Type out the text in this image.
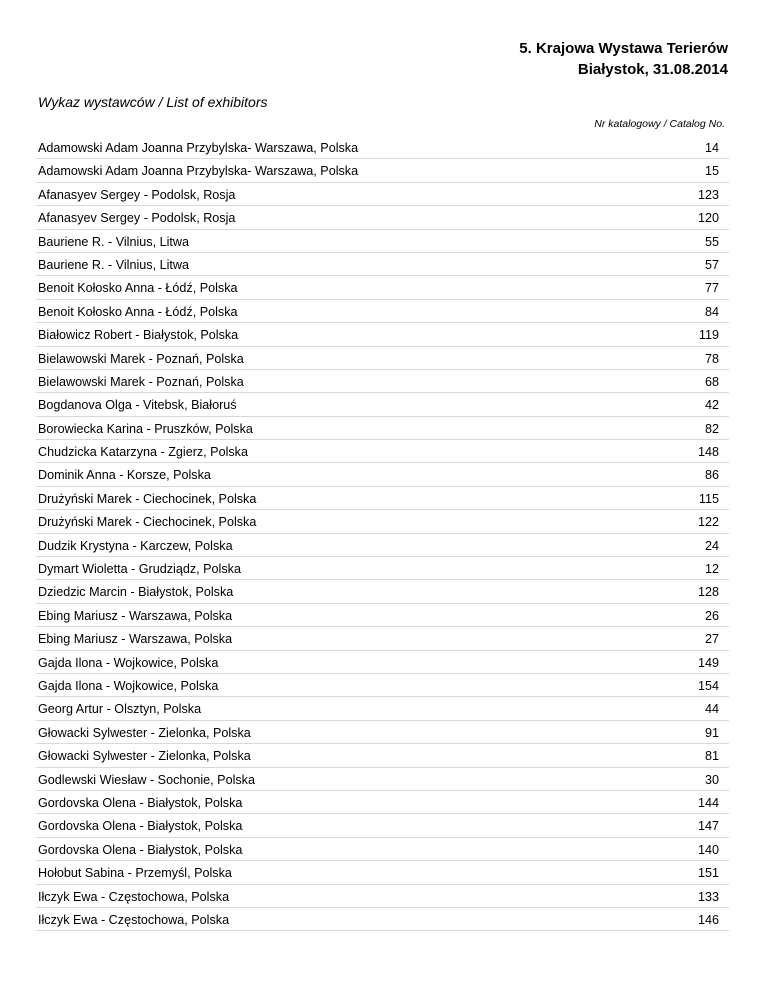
5. Krajowa Wystawa Terierów
Białystok, 31.08.2014
Wykaz wystawców / List of exhibitors
Nr katalogowy / Catalog No.
Adamowski Adam Joanna Przybylska- Warszawa, Polska	14
Adamowski Adam Joanna Przybylska- Warszawa, Polska	15
Afanasyev Sergey - Podolsk, Rosja	123
Afanasyev Sergey - Podolsk, Rosja	120
Bauriene R. - Vilnius, Litwa	55
Bauriene R. - Vilnius, Litwa	57
Benoit Kołosko Anna - Łódź, Polska	77
Benoit Kołosko Anna - Łódź, Polska	84
Białowicz Robert - Białystok, Polska	119
Bielawowski Marek - Poznań, Polska	78
Bielawowski Marek - Poznań, Polska	68
Bogdanova Olga - Vitebsk, Białoruś	42
Borowiecka Karina - Pruszków, Polska	82
Chudzicka Katarzyna - Zgierz, Polska	148
Dominik Anna - Korsze, Polska	86
Drużyński Marek - Ciechocinek, Polska	115
Drużyński Marek - Ciechocinek, Polska	122
Dudzik Krystyna - Karczew, Polska	24
Dymart Wioletta - Grudziądz, Polska	12
Dziedzic Marcin - Białystok, Polska	128
Ebing Mariusz - Warszawa, Polska	26
Ebing Mariusz - Warszawa, Polska	27
Gajda Ilona - Wojkowice, Polska	149
Gajda Ilona - Wojkowice, Polska	154
Georg Artur - Olsztyn, Polska	44
Głowacki Sylwester - Zielonka, Polska	91
Głowacki Sylwester - Zielonka, Polska	81
Godlewski Wiesław - Sochonie, Polska	30
Gordovska Olena - Białystok, Polska	144
Gordovska Olena - Białystok, Polska	147
Gordovska Olena - Białystok, Polska	140
Hołobut Sabina - Przemyśl, Polska	151
Iłczyk Ewa - Częstochowa, Polska	133
Iłczyk Ewa - Częstochowa, Polska	146
